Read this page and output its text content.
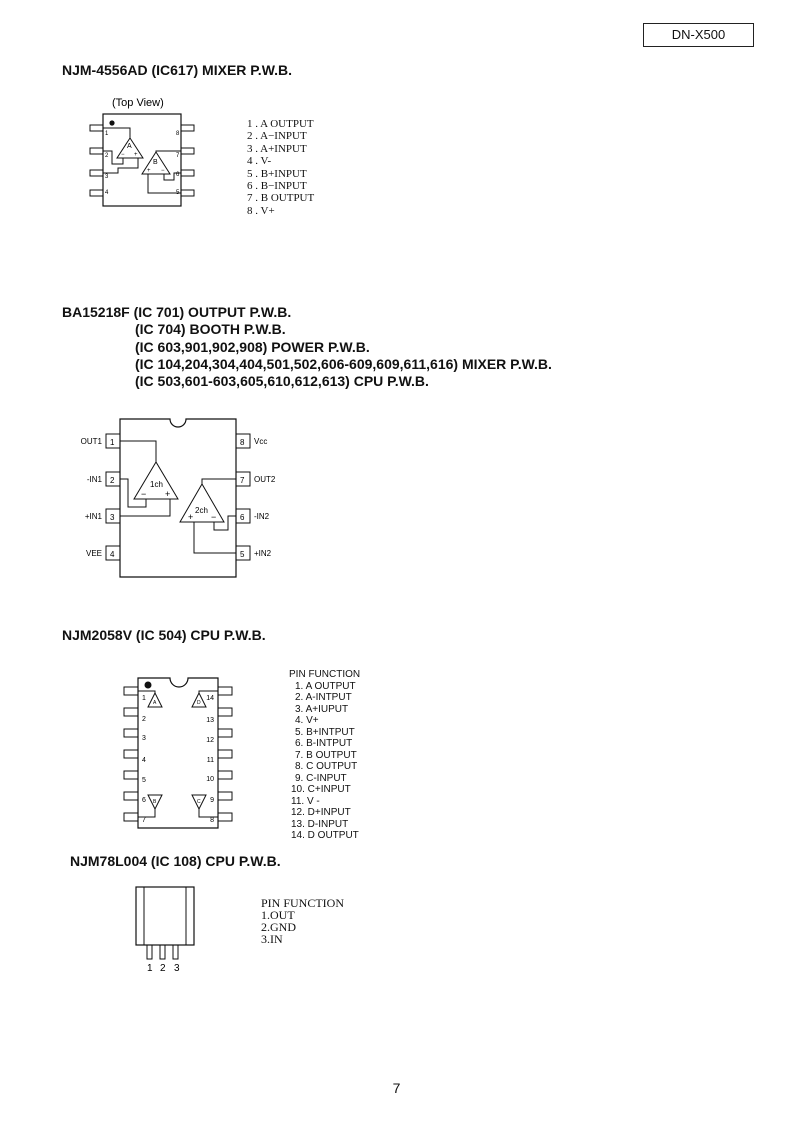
DN-X500
NJM-4556AD (IC617) MIXER P.W.B.
(Top View)
1
2
3
4	5
6
7
8
A
− +
B
+ −
1 . A OUTPUT
2 . A−INPUT
3 . A+INPUT
4 . V-
5 . B+INPUT
6 . B−INPUT
7 . B OUTPUT
8 . V+
BA15218F (IC 701) OUTPUT P.W.B.
(IC 704) BOOTH P.W.B.
(IC 603,901,902,908) POWER P.W.B.
(IC 104,204,304,404,501,502,606-609,609,611,616) MIXER P.W.B.
(IC 503,601-603,605,610,612,613) CPU P.W.B.
1
2
3
4
OUT1
-IN1
+IN1
VEE
8
7
6
5
Vcc
OUT2
-IN2
+IN2
1ch
− +
2ch
+ −
NJM2058V (IC 504) CPU P.W.B.
1
2
3
4
5
6
7
14
13
12
11
10
9
8
A	D
B	C
PIN FUNCTION
1. A OUTPUT
2. A-INTPUT
3. A+IUPUT
4. V+
5. B+INTPUT
6. B-INTPUT
7. B OUTPUT
8. C OUTPUT
9. C-INPUT
10. C+INPUT
11. V -
12. D+INPUT
13. D-INPUT
14. D OUTPUT
NJM78L004 (IC 108) CPU P.W.B.
1 2 3
PIN FUNCTION
1.OUT
2.GND
3.IN
7
